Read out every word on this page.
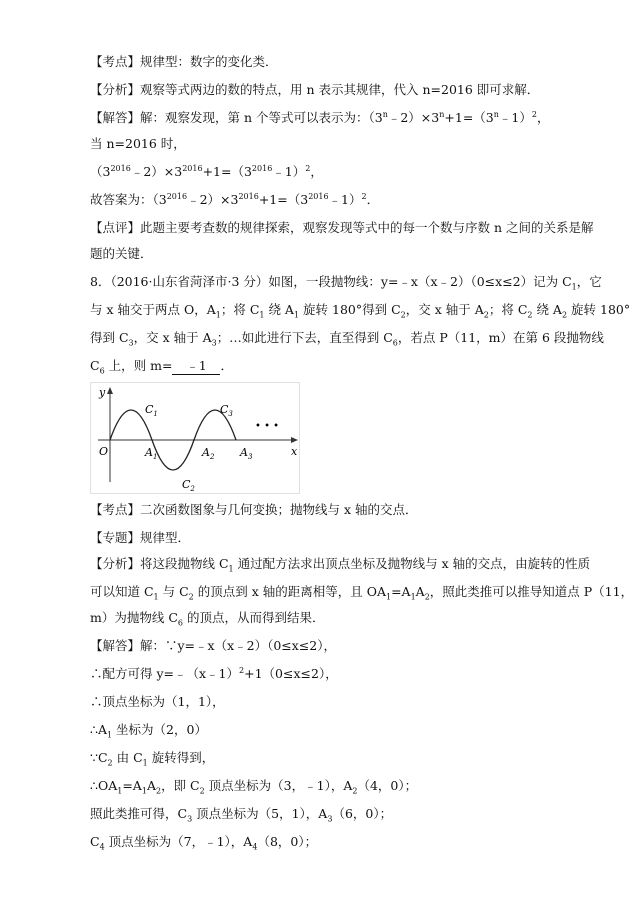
【考点】规律型：数字的变化类．
【分析】观察等式两边的数的特点，用 n 表示其规律，代入 n=2016 即可求解．
【解答】解：观察发现，第 n 个等式可以表示为：$(3^n﹣2)\times 3^n+1=(3^n﹣1)^2$，
当 n=2016 时，
$(3^{2016}﹣2)\times 3^{2016}+1=(3^{2016}﹣1)^2$，
故答案为：$(3^{2016}﹣2)\times 3^{2016}+1=(3^{2016}﹣1)^2$．
【点评】此题主要考查数的规律探索，观察发现等式中的每一个数与序数 n 之间的关系是解
题的关键．
8．（2016·山东省菏泽市·3 分）如图，一段抛物线：y=﹣x（x﹣2）（0≤x≤2）记为 $C_1$，它
与 x 轴交于两点 O，$A_1$；将 $C_1$ 绕 $A_1$ 旋转 180°得到 $C_2$，交 x 轴于 $A_2$；将 $C_2$ 绕 $A_2$ 旋转 180°
得到 $C_3$，交 x 轴于 $A_3$；…如此进行下去，直至得到 $C_6$，若点 P（11，m）在第 6 段抛物线
$C_6$ 上，则 m= ﹣1 ．
y
x
O
$C_1$
$C_2$
$C_3$
$A_1$	$A_2$ $A_3$
• • •
【考点】二次函数图象与几何变换；抛物线与 x 轴的交点．
【专题】规律型．
【分析】将这段抛物线 $C_1$ 通过配方法求出顶点坐标及抛物线与 x 轴的交点，由旋转的性质
可以知道 $C_1$ 与 $C_2$ 的顶点到 x 轴的距离相等，且 $OA_1=A_1A_2$，照此类推可以推导知道点 P（11，
m）为抛物线 $C_6$ 的顶点，从而得到结果．
【解答】解：∵y=﹣x（x﹣2）（0≤x≤2），
∴配方可得 y=﹣（x﹣1）$^2$+1（0≤x≤2），
∴顶点坐标为（1，1），
$\therefore A_1$ 坐标为（2，0）
$\because C_2$ 由 $C_1$ 旋转得到，
$\therefore OA_1=A_1A_2$，即 $C_2$ 顶点坐标为（3，﹣1），$A_2(4$，0）；
照此类推可得，$C_3$ 顶点坐标为（5，1），$A_3(6$，0）；
$C_4$ 顶点坐标为（7，﹣1），$A_4(8$，0）；
